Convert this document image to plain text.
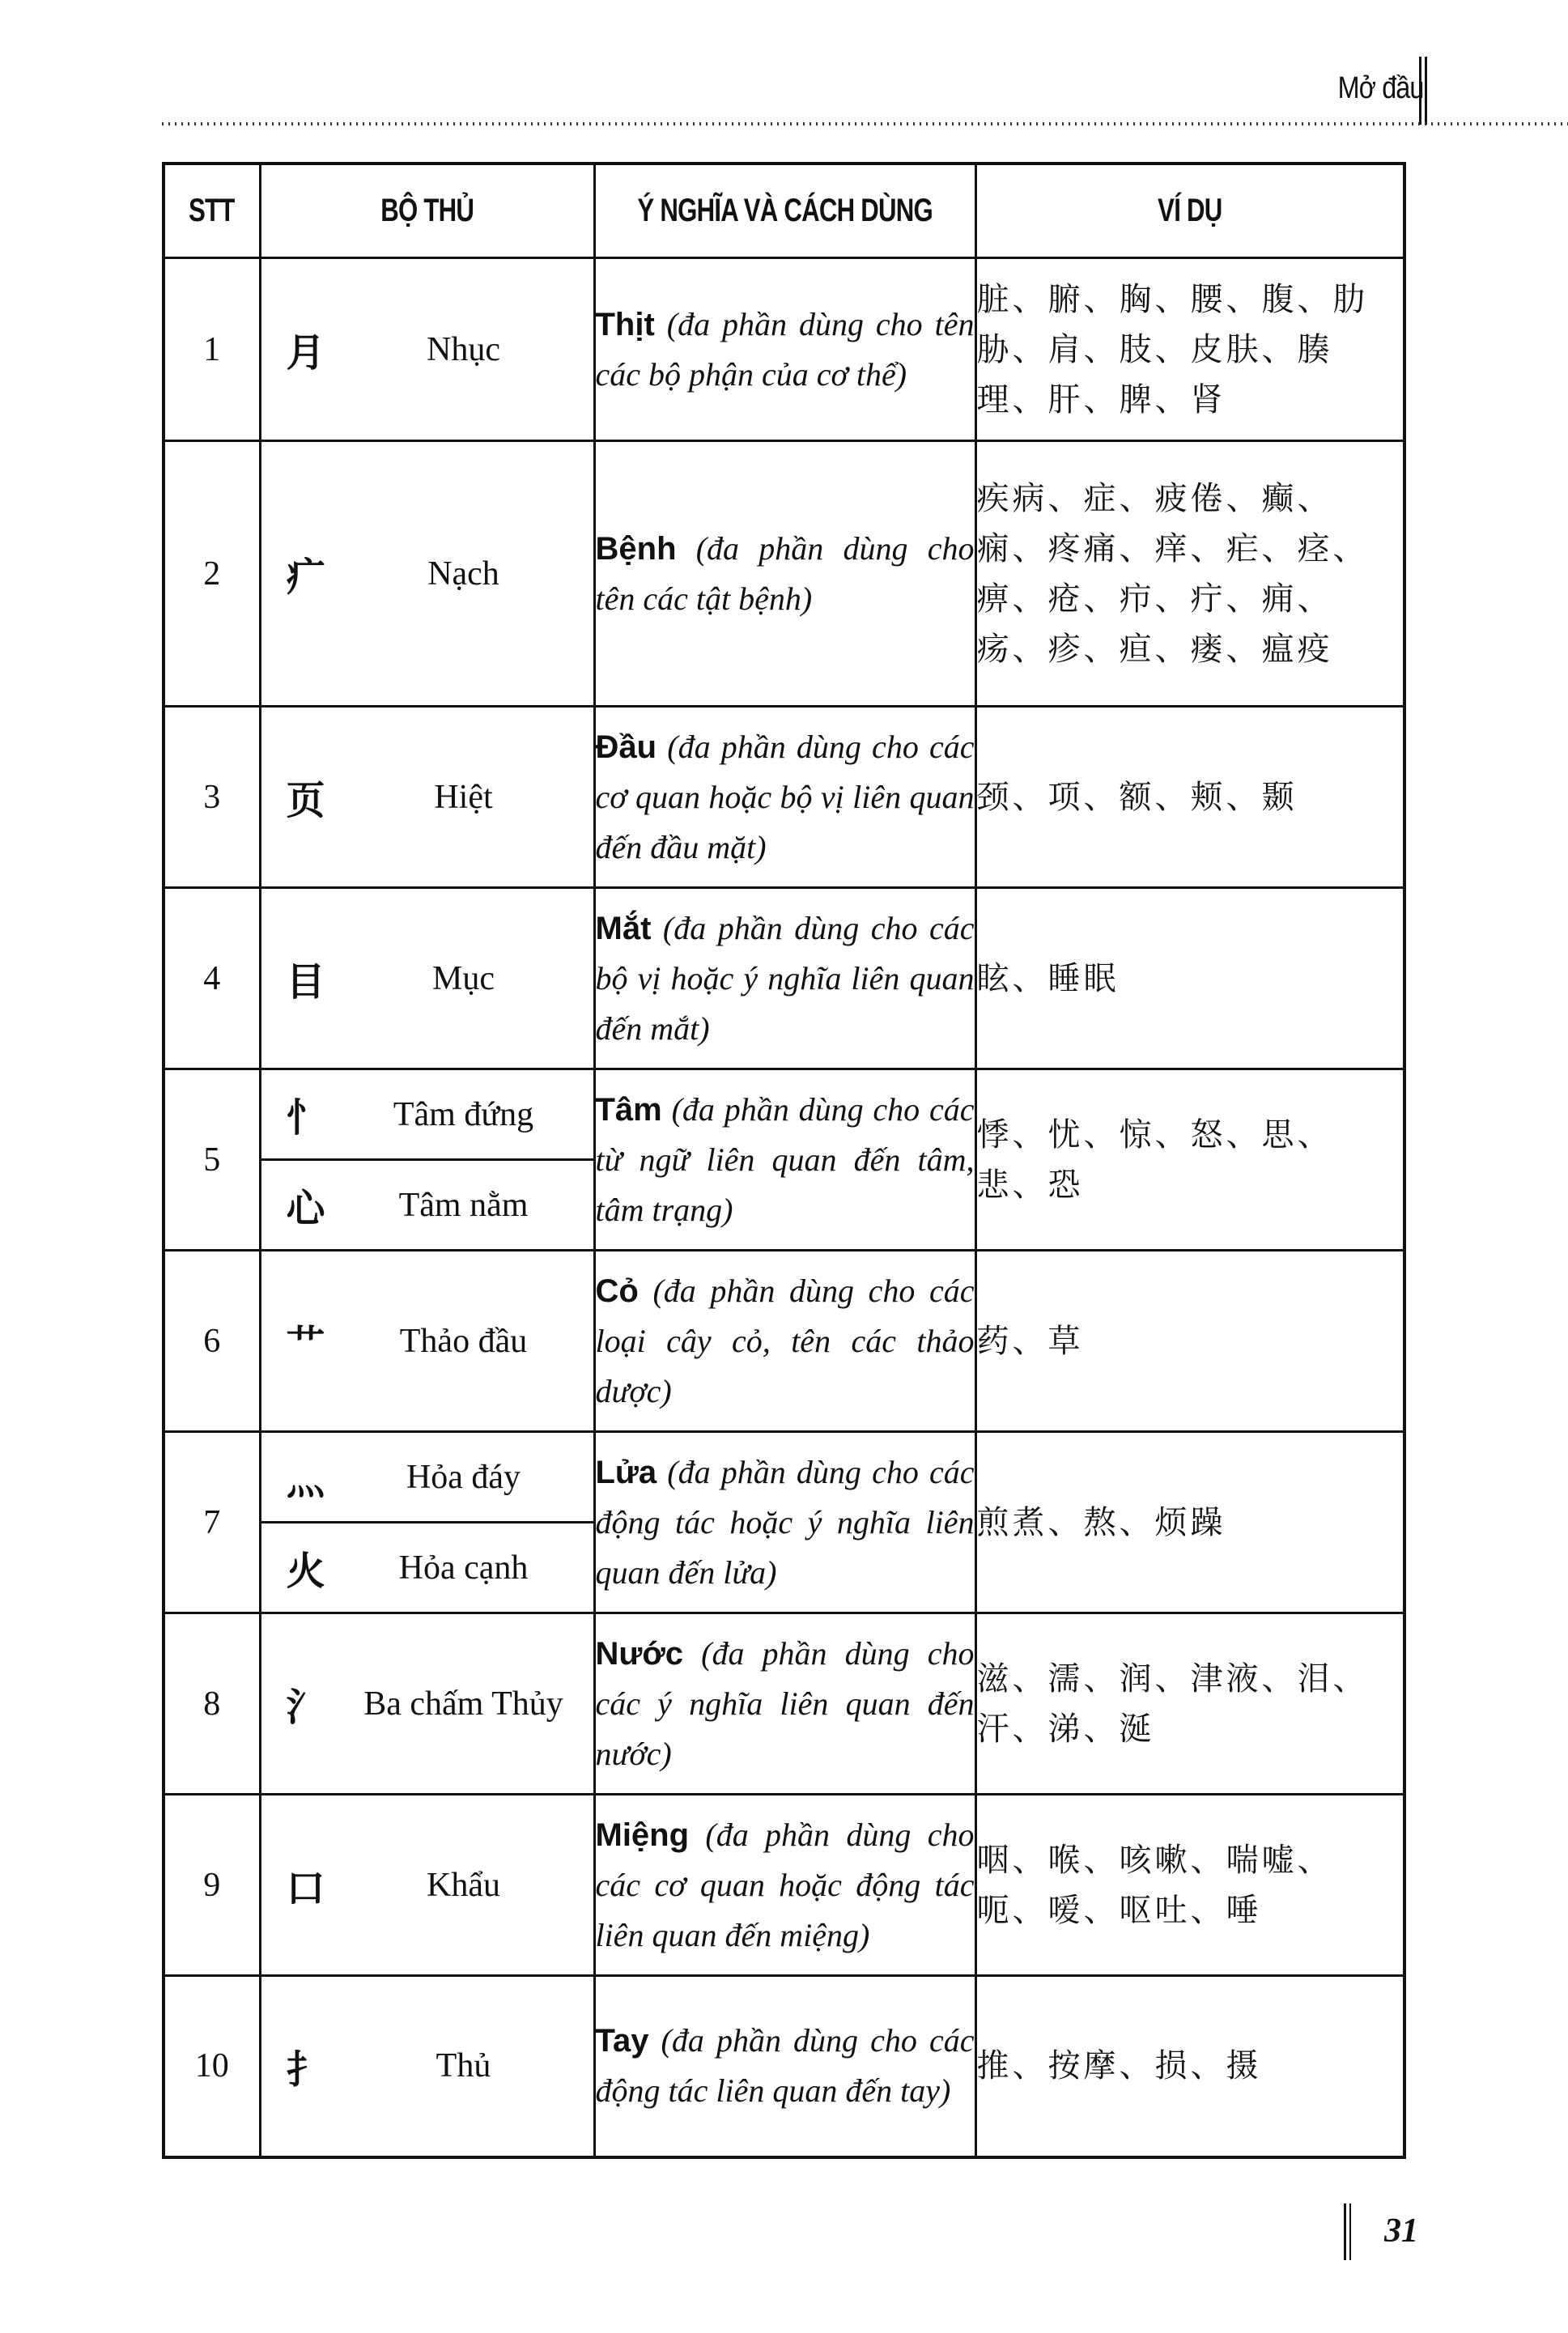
Mở đầu
STT	BỘ THỦ	Ý NGHĨA VÀ CÁCH DÙNG	VÍ DỤ
1	月 Nhục	Thịt (đa phần dùng cho tên các bộ phận của cơ thể)	脏、腑、胸、腰、腹、肋胁、肩、肢、皮肤、腠理、肝、脾、肾
2	疒 Nạch	Bệnh (đa phần dùng cho tên các tật bệnh)	疾病、症、疲倦、癫、痫、疼痛、痒、疟、痉、痹、疮、疖、疔、痈、疡、疹、疸、瘘、瘟疫
3	页 Hiệt	Đầu (đa phần dùng cho các cơ quan hoặc bộ vị liên quan đến đầu mặt)	颈、项、额、颊、颞
4	目 Mục	Mắt (đa phần dùng cho các bộ vị hoặc ý nghĩa liên quan đến mắt)	眩、睡眠
5	忄 Tâm đứng	Tâm (đa phần dùng cho các từ ngữ liên quan đến tâm, tâm trạng)	悸、忧、惊、怒、思、悲、恐

	心 Tâm nằm		

6	艹 Thảo đầu	Cỏ (đa phần dùng cho các loại cây cỏ, tên các thảo dược)	药、草
7	灬 Hỏa đáy	Lửa (đa phần dùng cho các động tác hoặc ý nghĩa liên quan đến lửa)	煎煮、熬、烦躁

	火 Hỏa cạnh		

8	氵 Ba chấm Thủy	Nước (đa phần dùng cho các ý nghĩa liên quan đến nước)	滋、濡、润、津液、泪、汗、涕、涎
9	口 Khẩu	Miệng (đa phần dùng cho các cơ quan hoặc động tác liên quan đến miệng)	咽、喉、咳嗽、喘嘘、呃、嗳、呕吐、唾
10	扌 Thủ	Tay (đa phần dùng cho các động tác liên quan đến tay)	推、按摩、损、摄
31
